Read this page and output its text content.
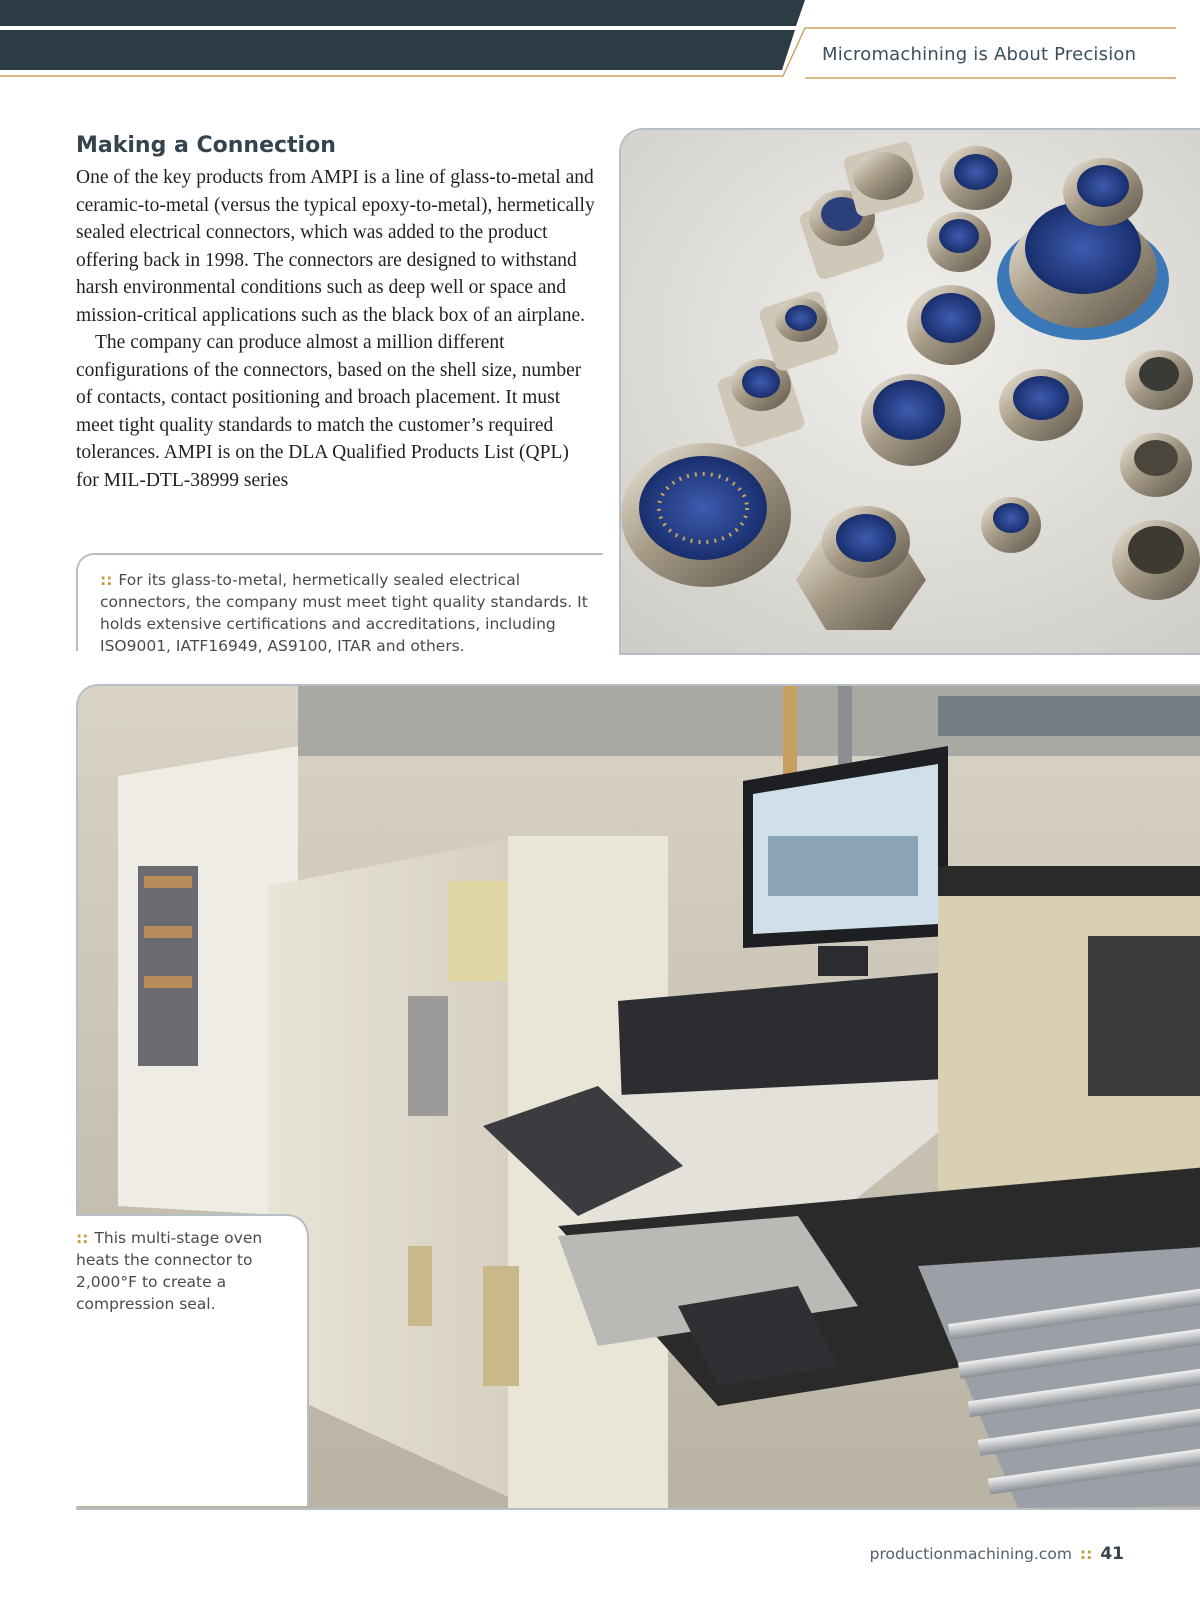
Micromachining is About Precision
Making a Connection

One of the key products from AMPI is a line of glass-to-metal and ceramic-to-metal (versus the typical epoxy-to-metal), hermetically sealed electrical connectors, which was added to the product offering back in 1998. The connectors are designed to withstand harsh environmental conditions such as deep well or space and mission-critical applications such as the black box of an airplane.

The company can produce almost a million different configurations of the connectors, based on the shell size, number of contacts, contact positioning and broach placement. It must meet tight quality standards to match the customer’s required tolerances. AMPI is on the DLA Qualified Products List (QPL) for MIL-DTL-38999 series

:: For its glass-to-metal, hermetically sealed electrical connectors, the company must meet tight quality standards. It holds extensive certifications and accreditations, including ISO9001, IATF16949, AS9100, ITAR and others.
:: This multi-stage oven heats the connector to 2,000°F to create a compression seal.
productionmachining.com :: 41
